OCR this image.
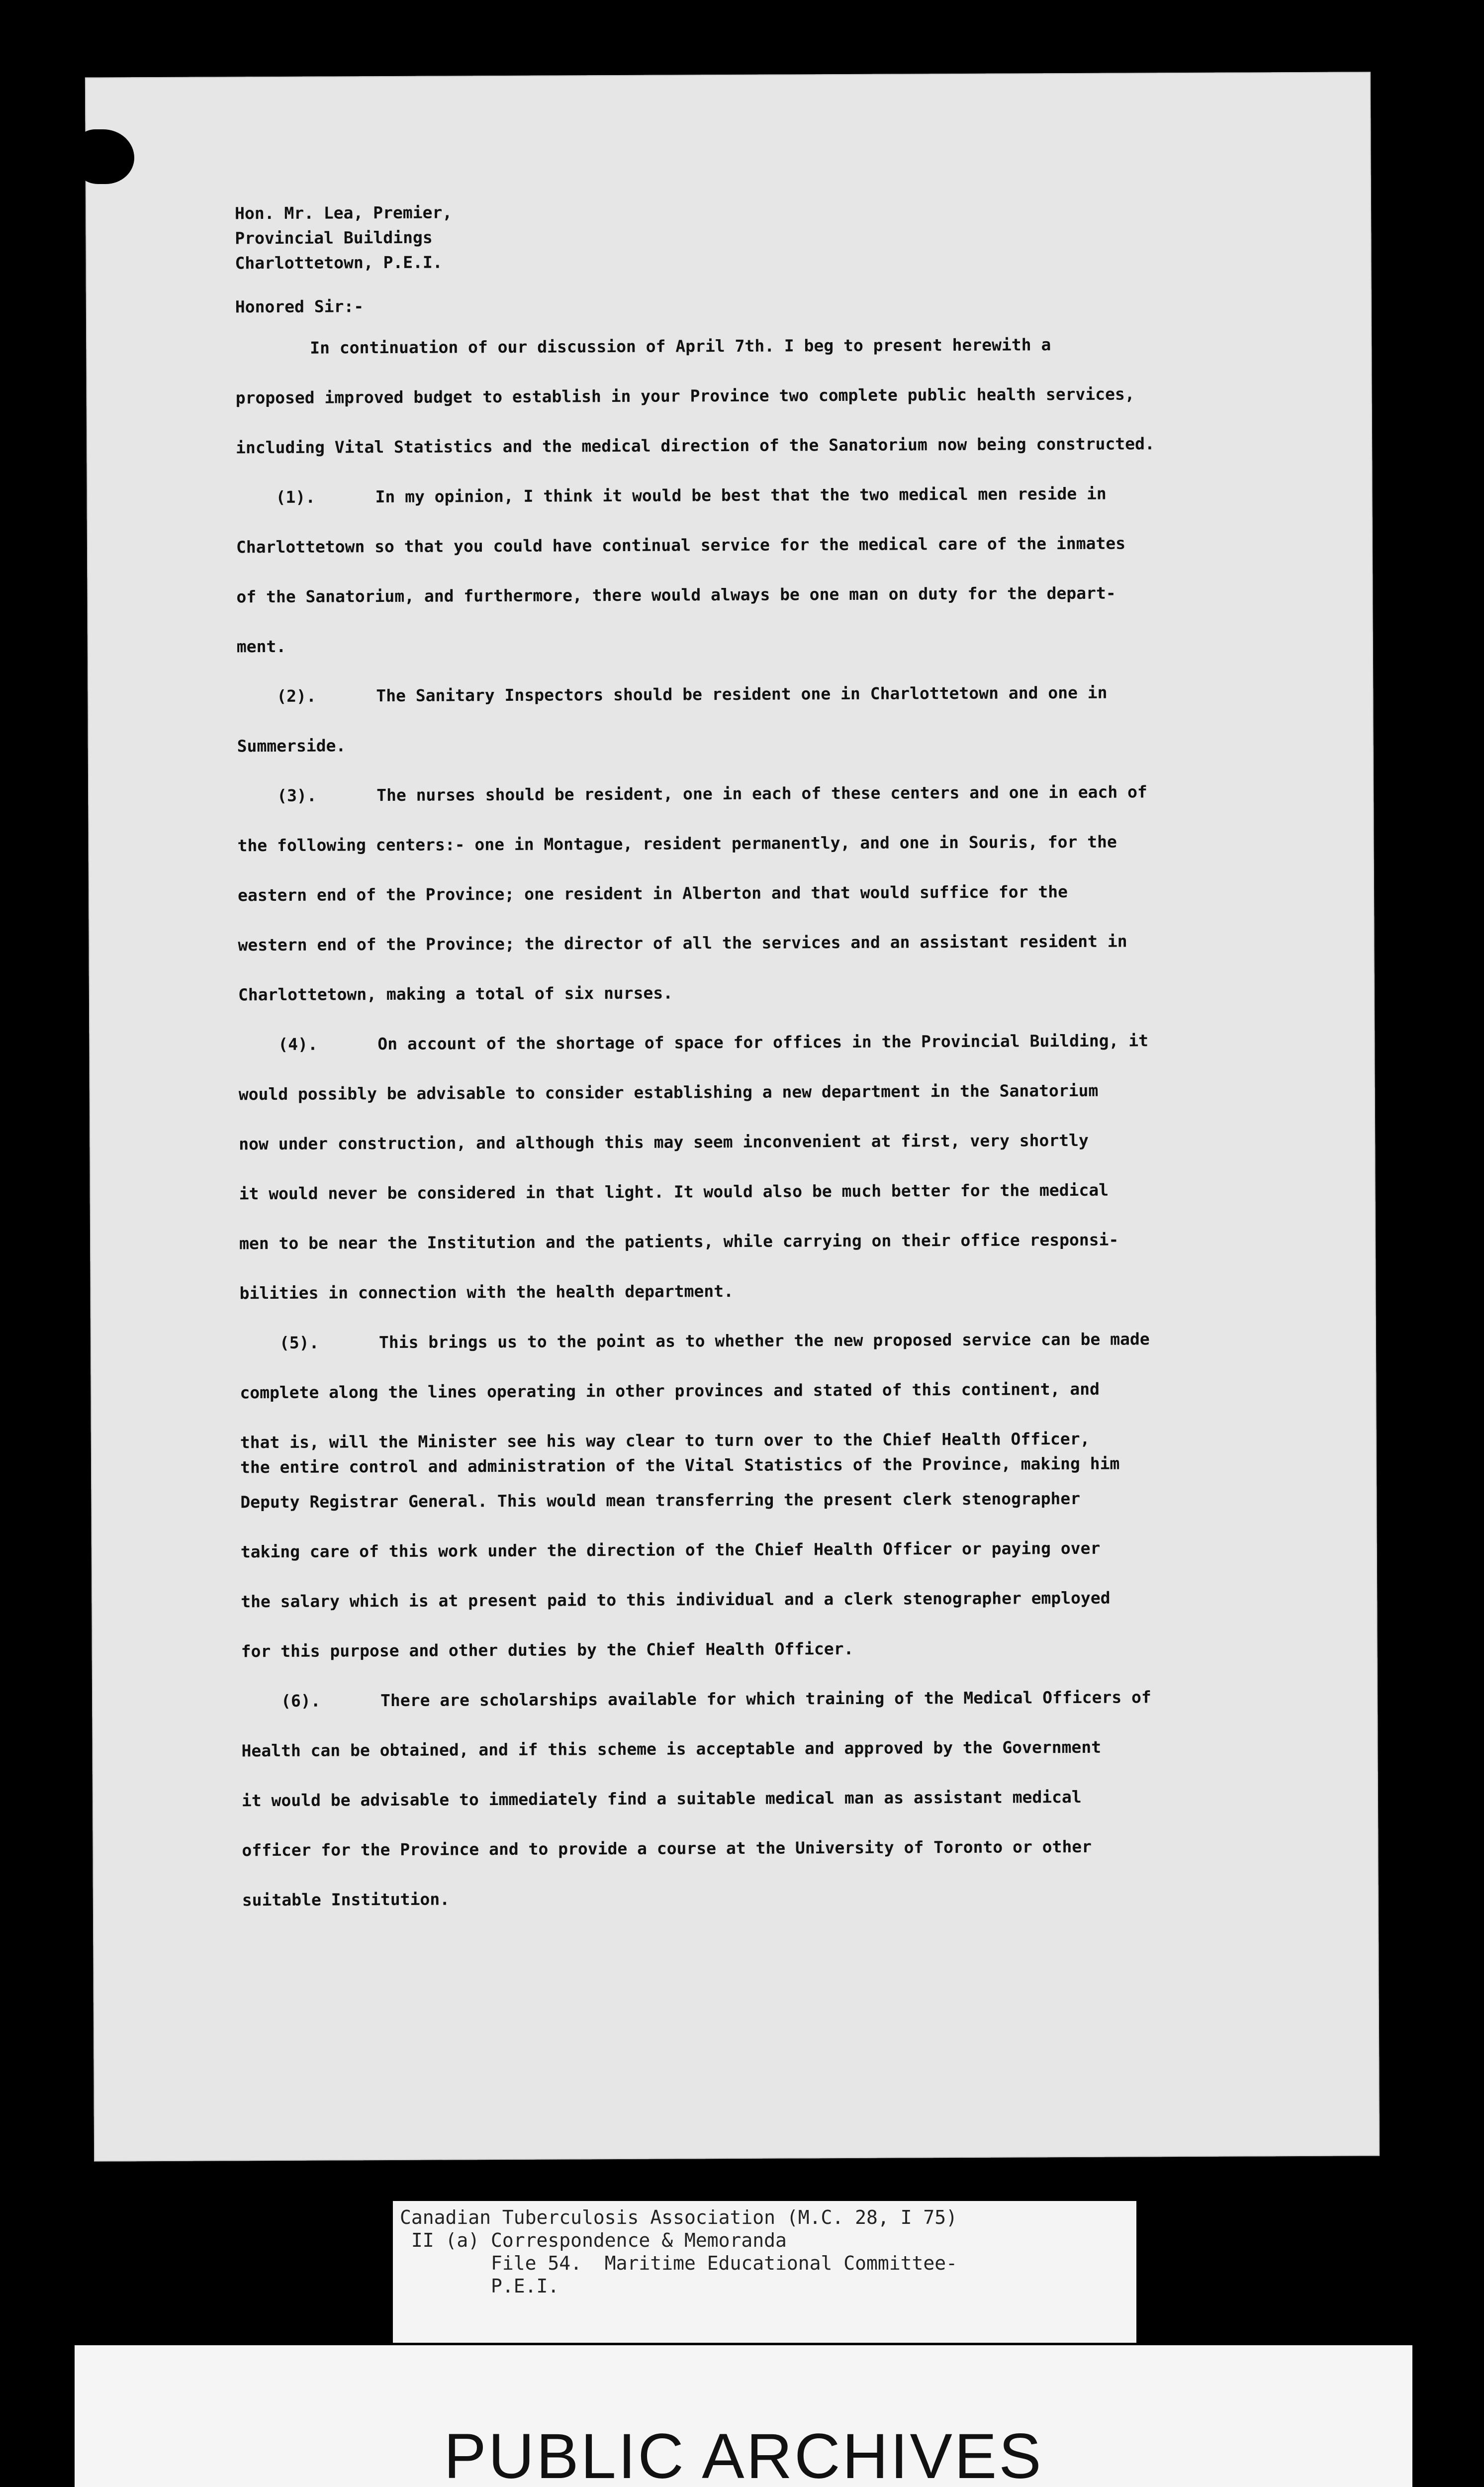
Hon. Mr. Lea, Premier,

Provincial Buildings

Charlottetown, P.E.I.

Honored Sir:-

In continuation of our discussion of April 7th. I beg to present herewith a
proposed improved budget to establish in your Province two complete public health services,
including Vital Statistics and the medical direction of the Sanatorium now being constructed.
(1).	In my opinion, I think it would be best that the two medical men reside in
Charlottetown so that you could have continual service for the medical care of the inmates
of the Sanatorium, and furthermore, there would always be one man on duty for the depart-
ment.
(2).	The Sanitary Inspectors should be resident one in Charlottetown and one in
Summerside.
(3).	The nurses should be resident, one in each of these centers and one in each of
the following centers:- one in Montague, resident permanently, and one in Souris, for the
eastern end of the Province; one resident in Alberton and that would suffice for the
western end of the Province; the director of all the services and an assistant resident in
Charlottetown, making a total of six nurses.
(4).	On account of the shortage of space for offices in the Provincial Building, it
would possibly be advisable to consider establishing a new department in the Sanatorium
now under construction, and although this may seem inconvenient at first, very shortly
it would never be considered in that light. It would also be much better for the medical
men to be near the Institution and the patients, while carrying on their office responsi-
bilities in connection with the health department.
(5).	This brings us to the point as to whether the new proposed service can be made
complete along the lines operating in other provinces and stated of this continent, and
that is, will the Minister see his way clear to turn over to the Chief Health Officer,
the entire control and administration of the Vital Statistics of the Province, making him
Deputy Registrar General. This would mean transferring the present clerk stenographer
taking care of this work under the direction of the Chief Health Officer or paying over
the salary which is at present paid to this individual and a clerk stenographer employed
for this purpose and other duties by the Chief Health Officer.
(6).	There are scholarships available for which training of the Medical Officers of
Health can be obtained, and if this scheme is acceptable and approved by the Government
it would be advisable to immediately find a suitable medical man as assistant medical
officer for the Province and to provide a course at the University of Toronto or other
suitable Institution.
Canadian Tuberculosis Association (M.C. 28, I 75)
II (a) Correspondence & Memoranda
File 54.  Maritime Educational Committee-
P.E.I.
PUBLIC ARCHIVES
